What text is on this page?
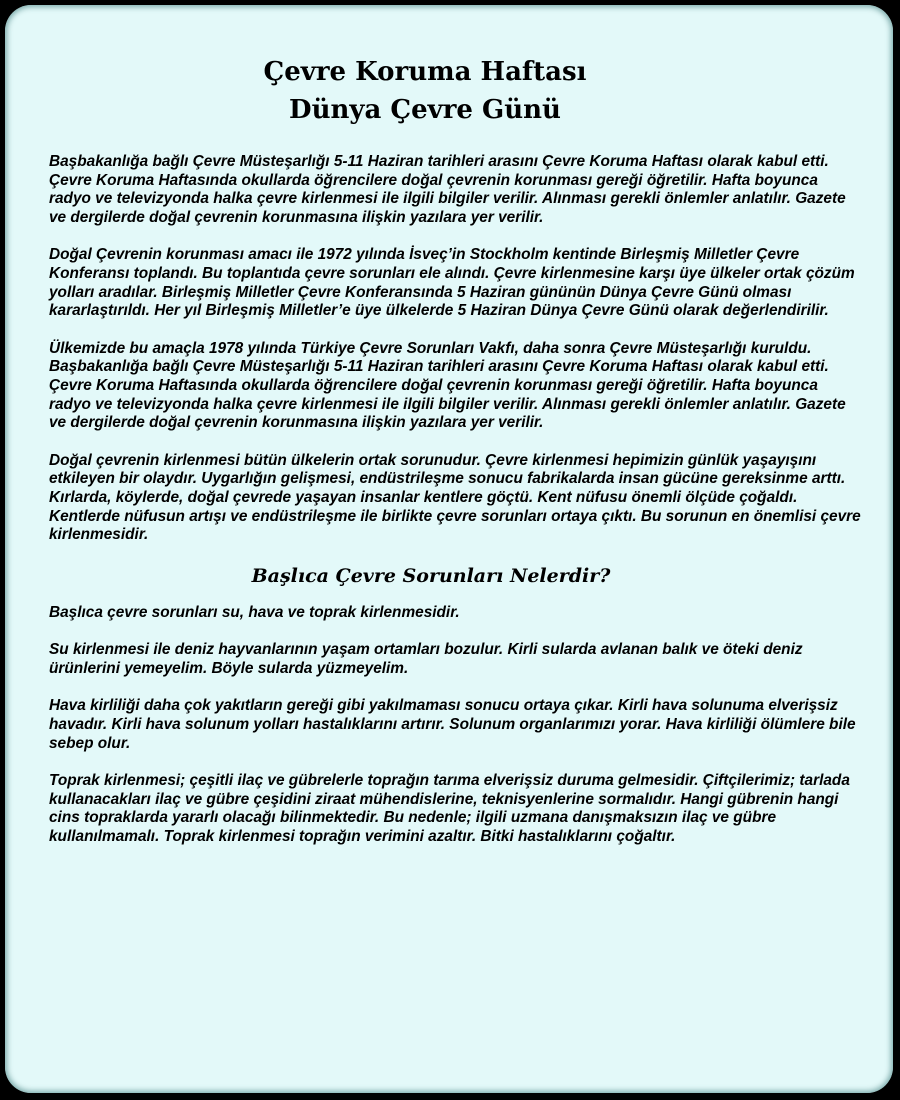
Çevre Koruma Haftası
Dünya Çevre Günü

Başbakanlığa bağlı Çevre Müsteşarlığı 5-11 Haziran tarihleri arasını Çevre Koruma Haftası olarak kabul etti. Çevre Koruma Haftasında okullarda öğrencilere doğal çevrenin korunması gereği öğretilir. Hafta boyunca radyo ve televizyonda halka çevre kirlenmesi ile ilgili bilgiler verilir. Alınması gerekli önlemler anlatılır. Gazete ve dergilerde doğal çevrenin korunmasına ilişkin yazılara yer verilir.

Doğal Çevrenin korunması amacı ile 1972 yılında İsveç’in Stockholm kentinde Birleşmiş Milletler Çevre Konferansı toplandı. Bu toplantıda çevre sorunları ele alındı. Çevre kirlenmesine karşı üye ülkeler ortak çözüm yolları aradılar. Birleşmiş Milletler Çevre Konferansında 5 Haziran gününün Dünya Çevre Günü olması kararlaştırıldı. Her yıl Birleşmiş Milletler’e üye ülkelerde 5 Haziran Dünya Çevre Günü olarak değerlendirilir.

Ülkemizde bu amaçla 1978 yılında Türkiye Çevre Sorunları Vakfı, daha sonra Çevre Müsteşarlığı kuruldu. Başbakanlığa bağlı Çevre Müsteşarlığı 5-11 Haziran tarihleri arasını Çevre Koruma Haftası olarak kabul etti. Çevre Koruma Haftasında okullarda öğrencilere doğal çevrenin korunması gereği öğretilir. Hafta boyunca radyo ve televizyonda halka çevre kirlenmesi ile ilgili bilgiler verilir. Alınması gerekli önlemler anlatılır. Gazete ve dergilerde doğal çevrenin korunmasına ilişkin yazılara yer verilir.

Doğal çevrenin kirlenmesi bütün ülkelerin ortak sorunudur. Çevre kirlenmesi hepimizin günlük yaşayışını etkileyen bir olaydır. Uygarlığın gelişmesi, endüstrileşme sonucu fabrikalarda insan gücüne gereksinme arttı. Kırlarda, köylerde, doğal çevrede yaşayan insanlar kentlere göçtü. Kent nüfusu önemli ölçüde çoğaldı. Kentlerde nüfusun artışı ve endüstrileşme ile birlikte çevre sorunları ortaya çıktı. Bu sorunun en önemlisi çevre kirlenmesidir.

Başlıca Çevre Sorunları Nelerdir?

Başlıca çevre sorunları su, hava ve toprak kirlenmesidir.

Su kirlenmesi ile deniz hayvanlarının yaşam ortamları bozulur. Kirli sularda avlanan balık ve öteki deniz ürünlerini yemeyelim. Böyle sularda yüzmeyelim.

Hava kirliliği daha çok yakıtların gereği gibi yakılmaması sonucu ortaya çıkar. Kirli hava solunuma elverişsiz havadır. Kirli hava solunum yolları hastalıklarını artırır. Solunum organlarımızı yorar. Hava kirliliği ölümlere bile sebep olur.

Toprak kirlenmesi; çeşitli ilaç ve gübrelerle toprağın tarıma elverişsiz duruma gelmesidir. Çiftçilerimiz; tarlada kullanacakları ilaç ve gübre çeşidini ziraat mühendislerine, teknisyenlerine sormalıdır. Hangi gübrenin hangi cins topraklarda yararlı olacağı bilinmektedir. Bu nedenle; ilgili uzmana danışmaksızın ilaç ve gübre kullanılmamalı. Toprak kirlenmesi toprağın verimini azaltır. Bitki hastalıklarını çoğaltır.
